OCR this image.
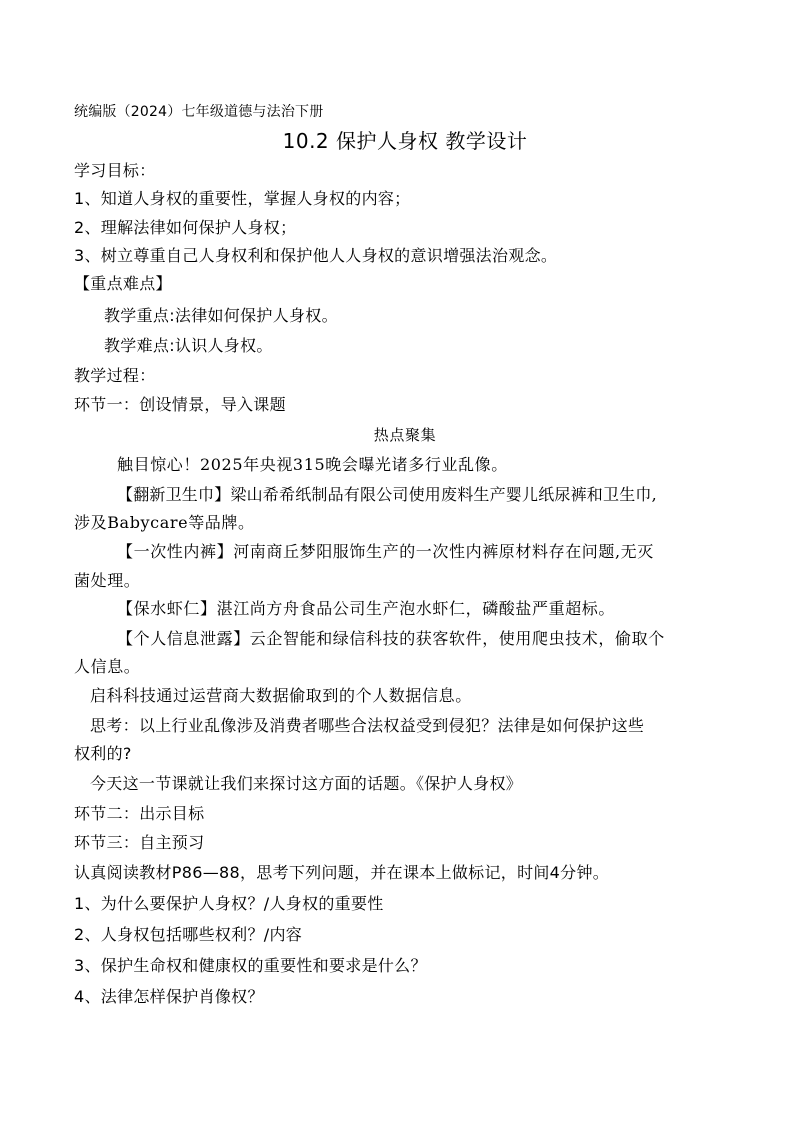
统编版（2024）七年级道德与法治下册
10.2 保护人身权 教学设计
学习目标：
1、知道人身权的重要性，掌握人身权的内容；
2、理解法律如何保护人身权；
3、树立尊重自己人身权利和保护他人人身权的意识增强法治观念。
【重点难点】
教学重点:法律如何保护人身权。
教学难点:认识人身权。
教学过程：
环节一：创设情景，导入课题
热点聚集
触目惊心！2025年央视315晚会曝光诸多行业乱像。
【翻新卫生巾】梁山希希纸制品有限公司使用废料生产婴儿纸尿裤和卫生巾,
涉及Babycare等品牌。
【一次性内裤】河南商丘梦阳服饰生产的一次性内裤原材料存在问题,无灭
菌处理。
【保水虾仁】湛江尚方舟食品公司生产泡水虾仁，磷酸盐严重超标。
【个人信息泄露】云企智能和绿信科技的获客软件，使用爬虫技术，偷取个
人信息。
启科科技通过运营商大数据偷取到的个人数据信息。
思考：以上行业乱像涉及消费者哪些合法权益受到侵犯？法律是如何保护这些
权利的?
今天这一节课就让我们来探讨这方面的话题。《保护人身权》
环节二：出示目标
环节三：自主预习
认真阅读教材P86—88，思考下列问题，并在课本上做标记，时间4分钟。
1、为什么要保护人身权？/人身权的重要性
2、人身权包括哪些权利？/内容
3、保护生命权和健康权的重要性和要求是什么？
4、法律怎样保护肖像权？
